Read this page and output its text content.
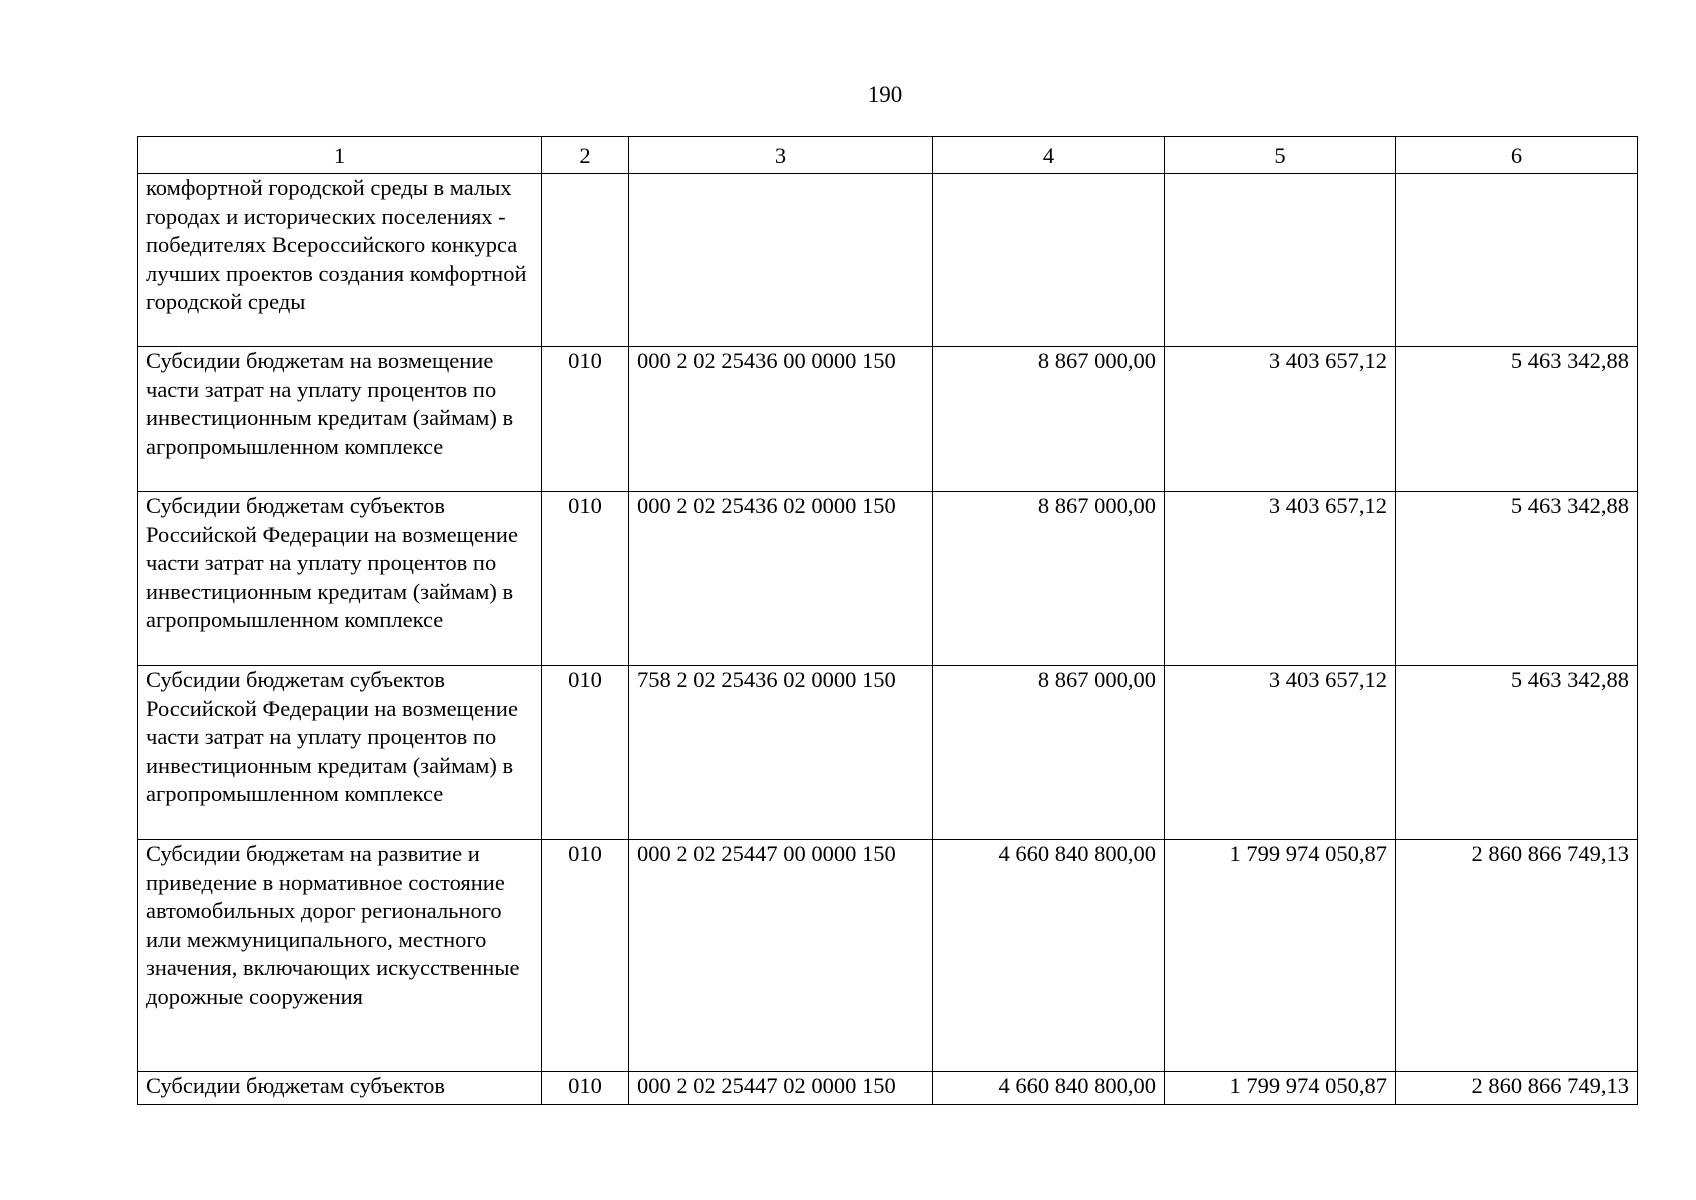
190
1	2	3	4	5	6
комфортной городской среды в малых городах и исторических поселениях - победителях Всероссийского конкурса лучших проектов создания комфортной городской среды					
Субсидии бюджетам на возмещение части затрат на уплату процентов по инвестиционным кредитам (займам) в агропромышленном комплексе	010	000 2 02 25436 00 0000 150	8 867 000,00	3 403 657,12	5 463 342,88
Субсидии бюджетам субъектов Российской Федерации на возмещение части затрат на уплату процентов по инвестиционным кредитам (займам) в агропромышленном комплексе	010	000 2 02 25436 02 0000 150	8 867 000,00	3 403 657,12	5 463 342,88
Субсидии бюджетам субъектов Российской Федерации на возмещение части затрат на уплату процентов по инвестиционным кредитам (займам) в агропромышленном комплексе	010	758 2 02 25436 02 0000 150	8 867 000,00	3 403 657,12	5 463 342,88
Субсидии бюджетам на развитие и приведение в нормативное состояние автомобильных дорог регионального или межмуниципального, местного значения, включающих искусственные дорожные сооружения	010	000 2 02 25447 00 0000 150	4 660 840 800,00	1 799 974 050,87	2 860 866 749,13
Субсидии бюджетам субъектов	010	000 2 02 25447 02 0000 150	4 660 840 800,00	1 799 974 050,87	2 860 866 749,13
